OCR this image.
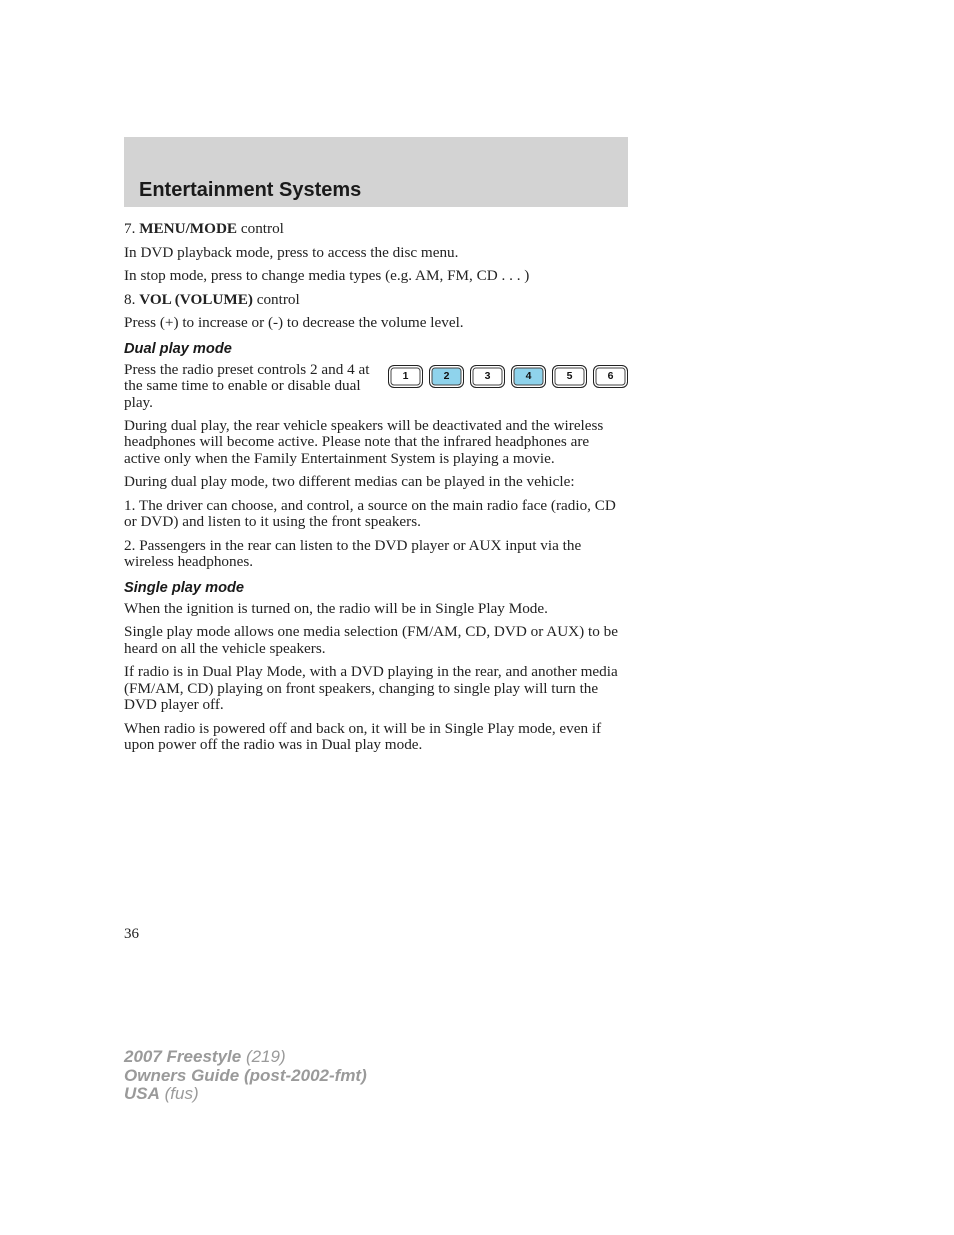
Entertainment Systems

7. MENU/MODE control

In DVD playback mode, press to access the disc menu.

In stop mode, press to change media types (e.g. AM, FM, CD . . . )

8. VOL (VOLUME) control

Press (+) to increase or (-) to decrease the volume level.

Dual play mode

Press the radio preset controls 2 and 4 at the same time to enable or disable dual play.

1	2	3	4	5	6

During dual play, the rear vehicle speakers will be deactivated and the wireless headphones will become active. Please note that the infrared headphones are active only when the Family Entertainment System is playing a movie.

During dual play mode, two different medias can be played in the vehicle:

1. The driver can choose, and control, a source on the main radio face (radio, CD or DVD) and listen to it using the front speakers.

2. Passengers in the rear can listen to the DVD player or AUX input via the wireless headphones.

Single play mode

When the ignition is turned on, the radio will be in Single Play Mode.

Single play mode allows one media selection (FM/AM, CD, DVD or AUX) to be heard on all the vehicle speakers.

If radio is in Dual Play Mode, with a DVD playing in the rear, and another media (FM/AM, CD) playing on front speakers, changing to single play will turn the DVD player off.

When radio is powered off and back on, it will be in Single Play mode, even if upon power off the radio was in Dual play mode.

36

2007 Freestyle (219)
Owners Guide (post-2002-fmt)
USA (fus)
